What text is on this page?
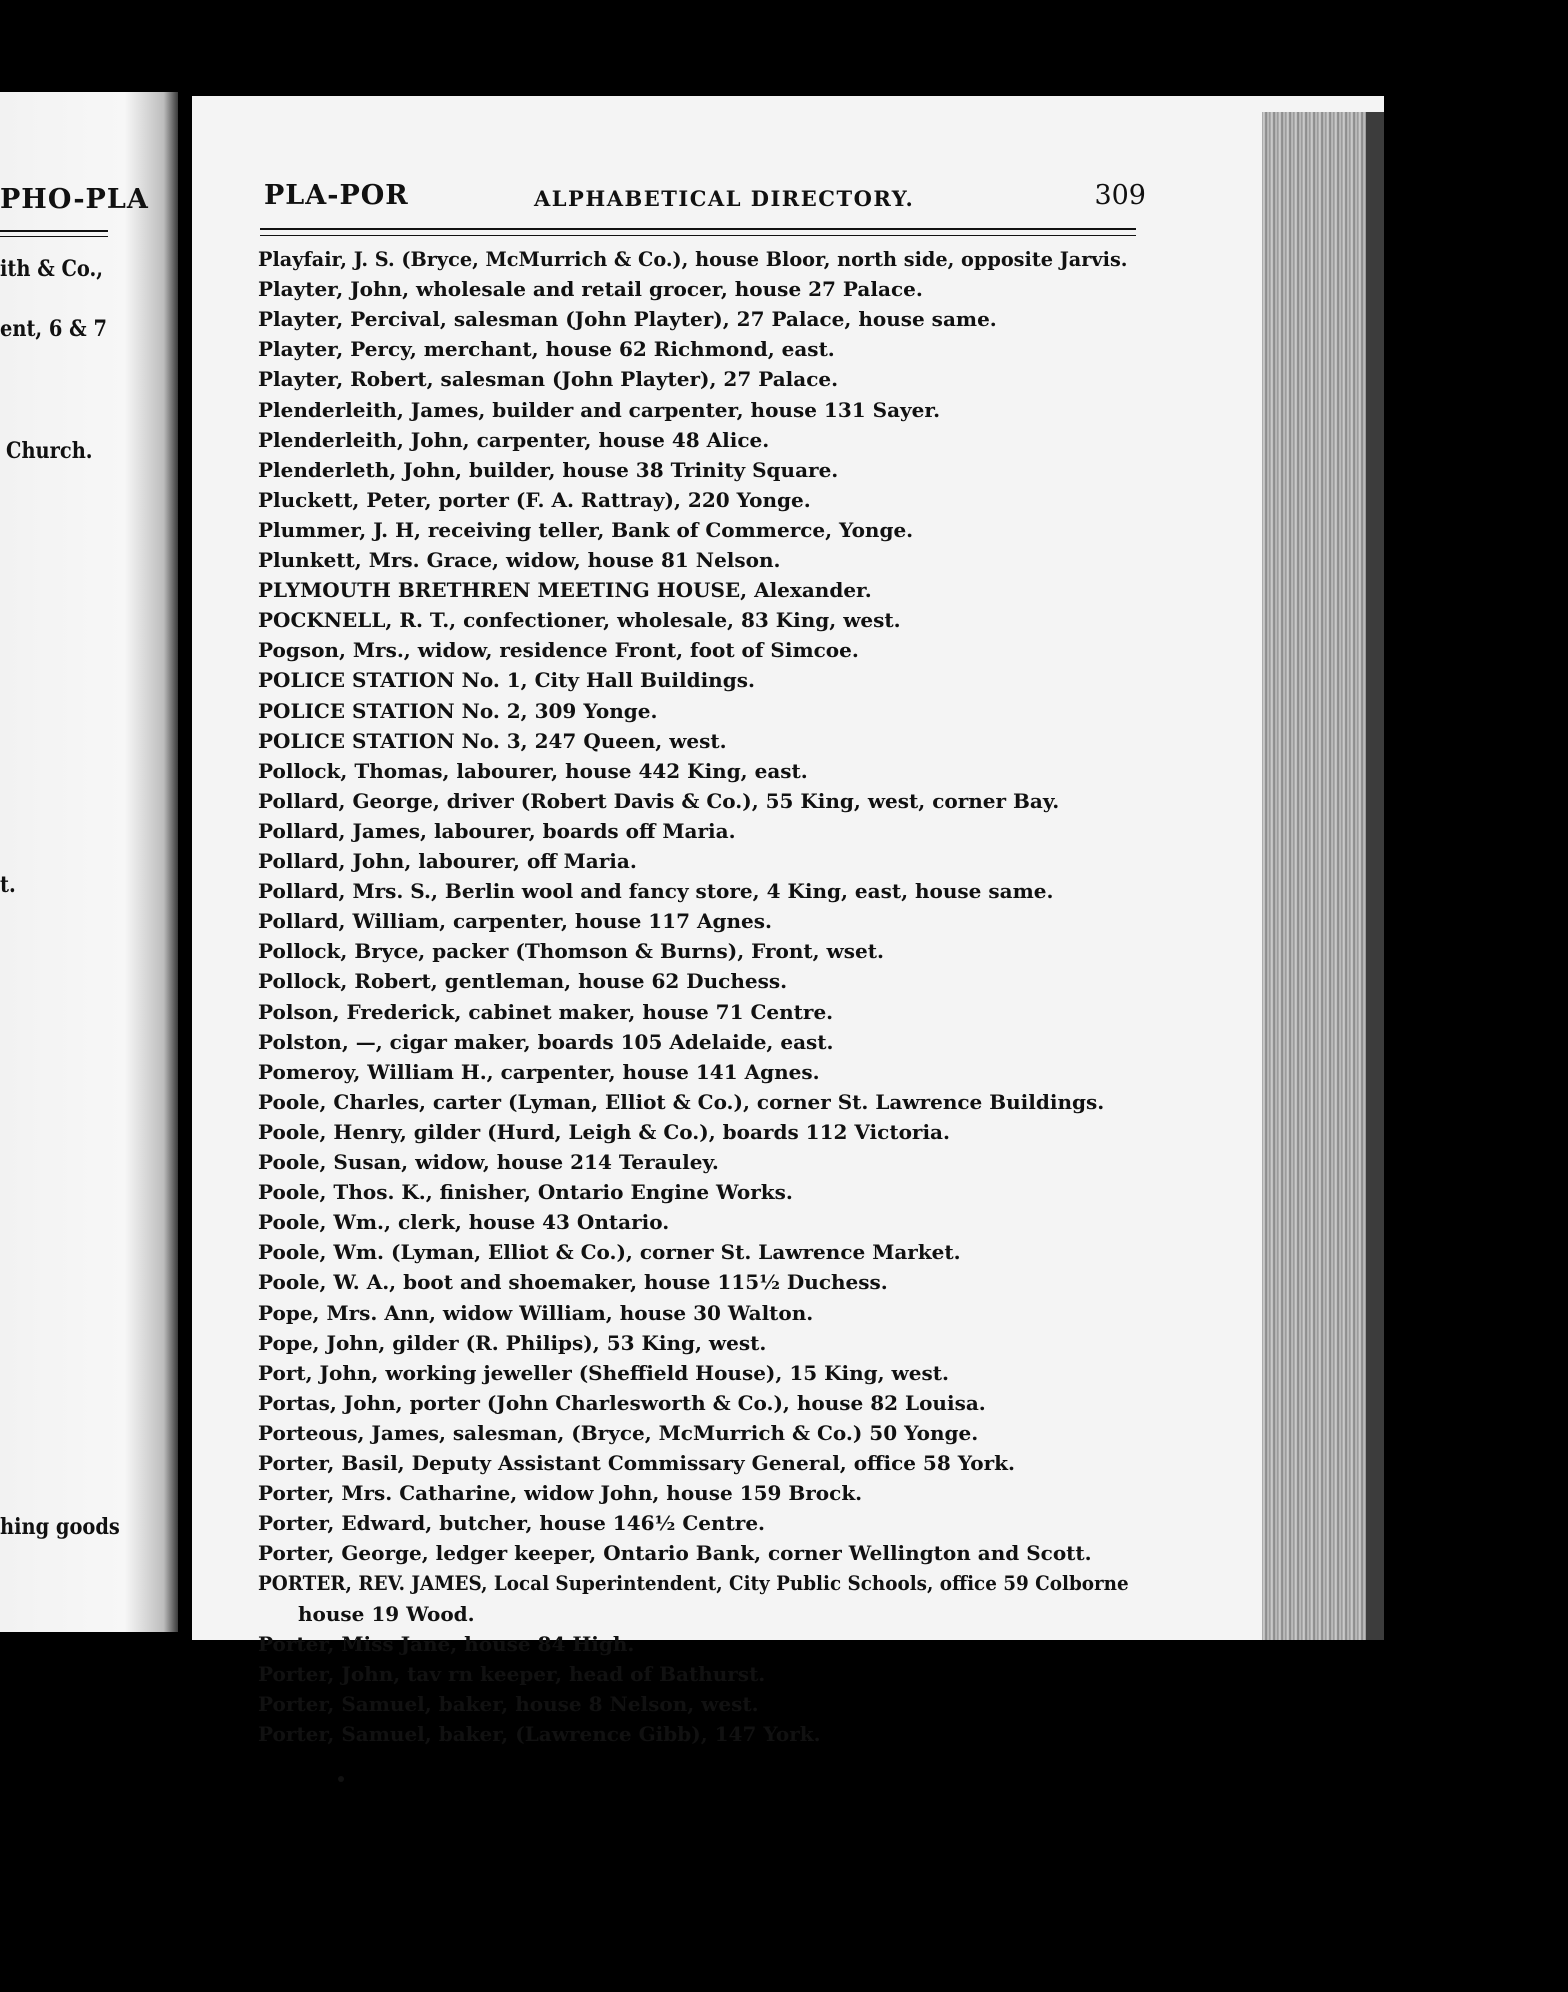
PHO-PLA
ith & Co.,
ent, 6 & 7
Church.
t.
hing goods
PLA-POR	ALPHABETICAL DIRECTORY.	309
Playfair, J. S. (Bryce, McMurrich & Co.), house Bloor, north side, opposite Jarvis.
Playter, John, wholesale and retail grocer, house 27 Palace.
Playter, Percival, salesman (John Playter), 27 Palace, house same.
Playter, Percy, merchant, house 62 Richmond, east.
Playter, Robert, salesman (John Playter), 27 Palace.
Plenderleith, James, builder and carpenter, house 131 Sayer.
Plenderleith, John, carpenter, house 48 Alice.
Plenderleth, John, builder, house 38 Trinity Square.
Pluckett, Peter, porter (F. A. Rattray), 220 Yonge.
Plummer, J. H, receiving teller, Bank of Commerce, Yonge.
Plunkett, Mrs. Grace, widow, house 81 Nelson.
PLYMOUTH BRETHREN MEETING HOUSE, Alexander.
POCKNELL, R. T., confectioner, wholesale, 83 King, west.
Pogson, Mrs., widow, residence Front, foot of Simcoe.
POLICE STATION No. 1, City Hall Buildings.
POLICE STATION No. 2, 309 Yonge.
POLICE STATION No. 3, 247 Queen, west.
Pollock, Thomas, labourer, house 442 King, east.
Pollard, George, driver (Robert Davis & Co.), 55 King, west, corner Bay.
Pollard, James, labourer, boards off Maria.
Pollard, John, labourer, off Maria.
Pollard, Mrs. S., Berlin wool and fancy store, 4 King, east, house same.
Pollard, William, carpenter, house 117 Agnes.
Pollock, Bryce, packer (Thomson & Burns), Front, wset.
Pollock, Robert, gentleman, house 62 Duchess.
Polson, Frederick, cabinet maker, house 71 Centre.
Polston, —, cigar maker, boards 105 Adelaide, east.
Pomeroy, William H., carpenter, house 141 Agnes.
Poole, Charles, carter (Lyman, Elliot & Co.), corner St. Lawrence Buildings.
Poole, Henry, gilder (Hurd, Leigh & Co.), boards 112 Victoria.
Poole, Susan, widow, house 214 Terauley.
Poole, Thos. K., finisher, Ontario Engine Works.
Poole, Wm., clerk, house 43 Ontario.
Poole, Wm. (Lyman, Elliot & Co.), corner St. Lawrence Market.
Poole, W. A., boot and shoemaker, house 115½ Duchess.
Pope, Mrs. Ann, widow William, house 30 Walton.
Pope, John, gilder (R. Philips), 53 King, west.
Port, John, working jeweller (Sheffield House), 15 King, west.
Portas, John, porter (John Charlesworth & Co.), house 82 Louisa.
Porteous, James, salesman, (Bryce, McMurrich & Co.) 50 Yonge.
Porter, Basil, Deputy Assistant Commissary General, office 58 York.
Porter, Mrs. Catharine, widow John, house 159 Brock.
Porter, Edward, butcher, house 146½ Centre.
Porter, George, ledger keeper, Ontario Bank, corner Wellington and Scott.
PORTER, REV. JAMES, Local Superintendent, City Public Schools, office 59 Colborne
house 19 Wood.
Porter, Miss Jane, house 84 High.
Porter, John, tav rn keeper, head of Bathurst.
Porter, Samuel, baker, house 8 Nelson, west.
Porter, Samuel, baker, (Lawrence Gibb), 147 York.
